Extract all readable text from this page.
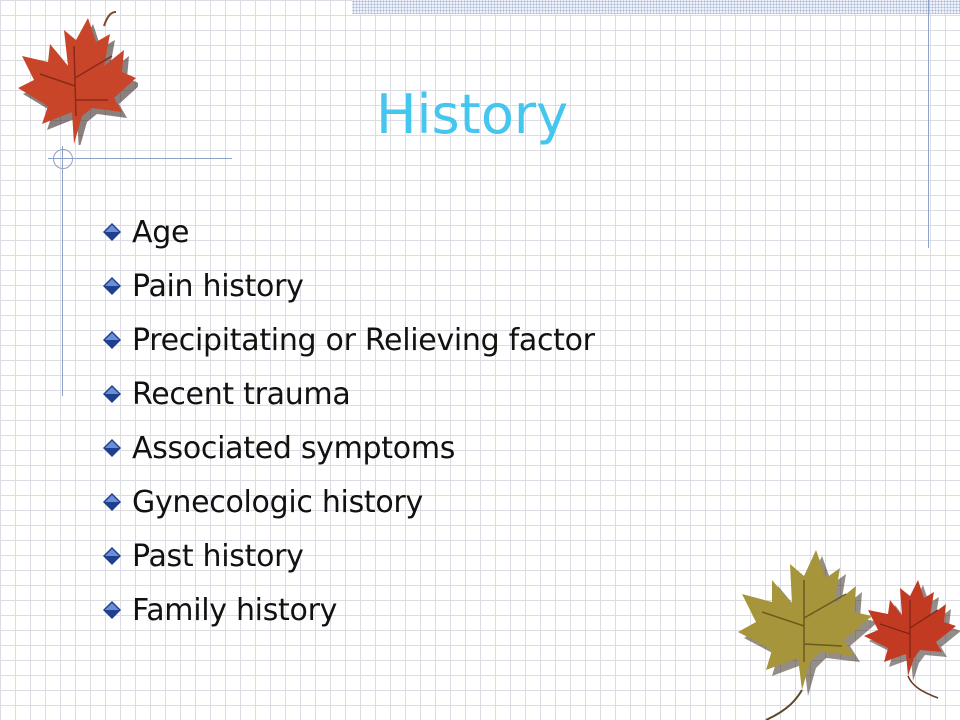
History
Age
Pain history
Precipitating or Relieving factor
Recent trauma
Associated symptoms
Gynecologic history
Past history
Family history
